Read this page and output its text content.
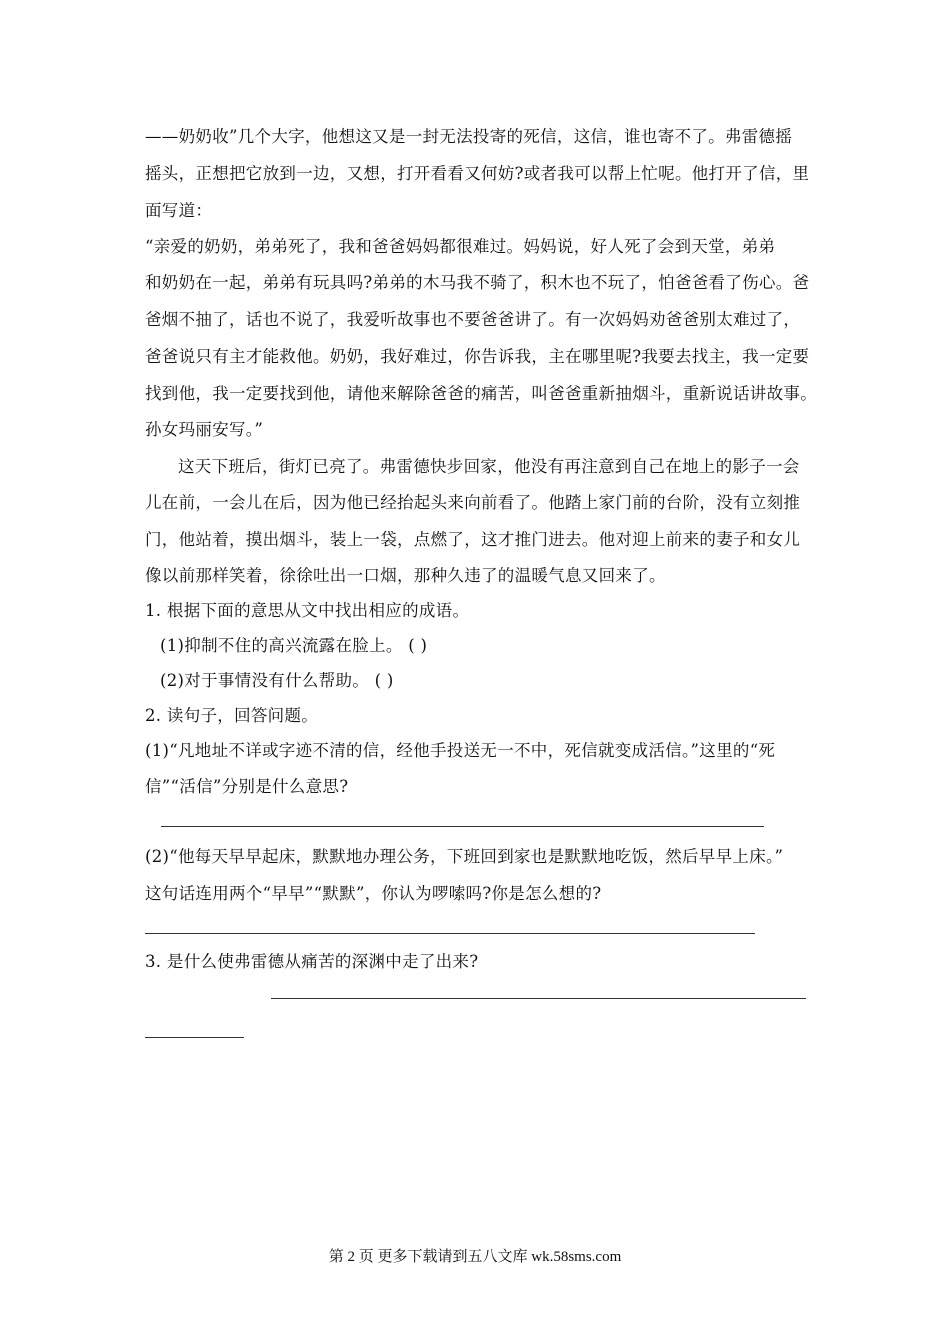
——奶奶收”几个大字，他想这又是一封无法投寄的死信，这信，谁也寄不了。弗雷德摇
摇头，正想把它放到一边，又想，打开看看又何妨?或者我可以帮上忙呢。他打开了信，里
面写道：
“亲爱的奶奶，弟弟死了，我和爸爸妈妈都很难过。妈妈说，好人死了会到天堂，弟弟
和奶奶在一起，弟弟有玩具吗?弟弟的木马我不骑了，积木也不玩了，怕爸爸看了伤心。爸
爸烟不抽了，话也不说了，我爱听故事也不要爸爸讲了。有一次妈妈劝爸爸别太难过了，
爸爸说只有主才能救他。奶奶，我好难过，你告诉我，主在哪里呢?我要去找主，我一定要
找到他，我一定要找到他，请他来解除爸爸的痛苦，叫爸爸重新抽烟斗，重新说话讲故事。
孙女玛丽安写。”
这天下班后，街灯已亮了。弗雷德快步回家，他没有再注意到自己在地上的影子一会
儿在前，一会儿在后，因为他已经抬起头来向前看了。他踏上家门前的台阶，没有立刻推
门，他站着，摸出烟斗，装上一袋，点燃了，这才推门进去。他对迎上前来的妻子和女儿
像以前那样笑着，徐徐吐出一口烟，那种久违了的温暖气息又回来了。
1. 根据下面的意思从文中找出相应的成语。
(1)抑制不住的高兴流露在脸上。 ( )
(2)对于事情没有什么帮助。 ( )
2. 读句子，回答问题。
(1)“凡地址不详或字迹不清的信，经他手投送无一不中，死信就变成活信。”这里的“死
信”“活信”分别是什么意思?
(2)“他每天早早起床，默默地办理公务，下班回到家也是默默地吃饭，然后早早上床。”
这句话连用两个“早早”“默默”，你认为啰嗦吗?你是怎么想的?
3. 是什么使弗雷德从痛苦的深渊中走了出来?
第 2 页 更多下载请到五八文库 wk.58sms.com
